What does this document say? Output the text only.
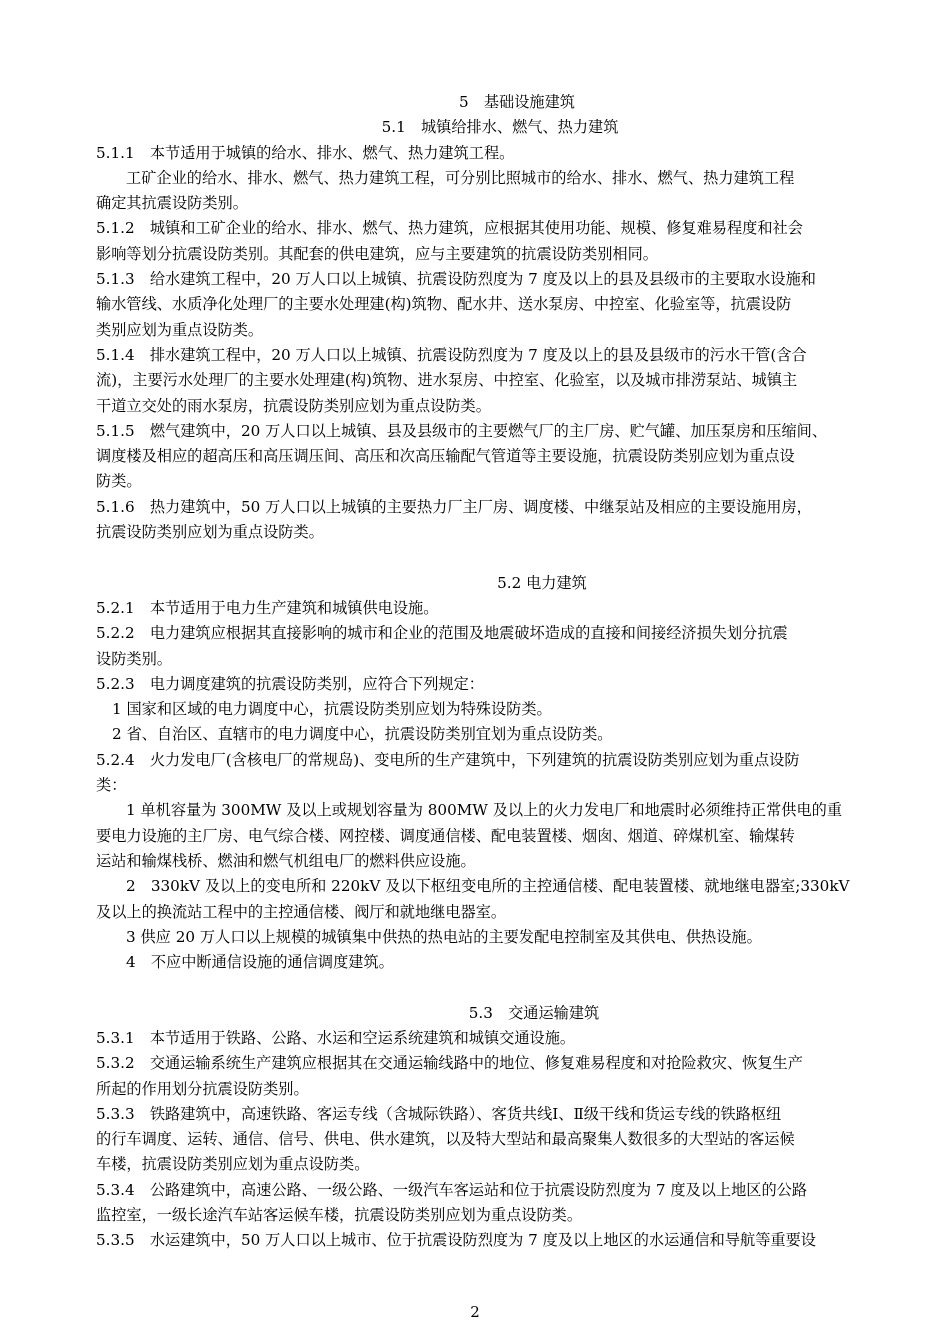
5　基础设施建筑
5.1　城镇给排水、燃气、热力建筑
5.1.1　本节适用于城镇的给水、排水、燃气、热力建筑工程。
工矿企业的给水、排水、燃气、热力建筑工程，可分别比照城市的给水、排水、燃气、热力建筑工程
确定其抗震设防类别。
5.1.2　城镇和工矿企业的给水、排水、燃气、热力建筑，应根据其使用功能、规模、修复难易程度和社会
影响等划分抗震设防类别。其配套的供电建筑，应与主要建筑的抗震设防类别相同。
5.1.3　给水建筑工程中，20 万人口以上城镇、抗震设防烈度为 7 度及以上的县及县级市的主要取水设施和
输水管线、水质净化处理厂的主要水处理建(构)筑物、配水井、送水泵房、中控室、化验室等，抗震设防
类别应划为重点设防类。
5.1.4　排水建筑工程中，20 万人口以上城镇、抗震设防烈度为 7 度及以上的县及县级市的污水干管(含合
流)，主要污水处理厂的主要水处理建(构)筑物、进水泵房、中控室、化验室，以及城市排涝泵站、城镇主
干道立交处的雨水泵房，抗震设防类别应划为重点设防类。
5.1.5　燃气建筑中，20 万人口以上城镇、县及县级市的主要燃气厂的主厂房、贮气罐、加压泵房和压缩间、
调度楼及相应的超高压和高压调压间、高压和次高压输配气管道等主要设施，抗震设防类别应划为重点设
防类。
5.1.6　热力建筑中，50 万人口以上城镇的主要热力厂主厂房、调度楼、中继泵站及相应的主要设施用房，
抗震设防类别应划为重点设防类。
5.2 电力建筑
5.2.1　本节适用于电力生产建筑和城镇供电设施。
5.2.2　电力建筑应根据其直接影响的城市和企业的范围及地震破坏造成的直接和间接经济损失划分抗震
设防类别。
5.2.3　电力调度建筑的抗震设防类别，应符合下列规定：
1 国家和区域的电力调度中心，抗震设防类别应划为特殊设防类。
2 省、自治区、直辖市的电力调度中心，抗震设防类别宜划为重点设防类。
5.2.4　火力发电厂(含核电厂的常规岛)、变电所的生产建筑中，下列建筑的抗震设防类别应划为重点设防
类：
1 单机容量为 300MW 及以上或规划容量为 800MW 及以上的火力发电厂和地震时必须维持正常供电的重
要电力设施的主厂房、电气综合楼、网控楼、调度通信楼、配电装置楼、烟囱、烟道、碎煤机室、输煤转
运站和输煤栈桥、燃油和燃气机组电厂的燃料供应设施。
2　330kV 及以上的变电所和 220kV 及以下枢纽变电所的主控通信楼、配电装置楼、就地继电器室;330kV
及以上的换流站工程中的主控通信楼、阀厅和就地继电器室。
3 供应 20 万人口以上规模的城镇集中供热的热电站的主要发配电控制室及其供电、供热设施。
4　不应中断通信设施的通信调度建筑。
5.3　交通运输建筑
5.3.1　本节适用于铁路、公路、水运和空运系统建筑和城镇交通设施。
5.3.2　交通运输系统生产建筑应根据其在交通运输线路中的地位、修复难易程度和对抢险救灾、恢复生产
所起的作用划分抗震设防类别。
5.3.3　铁路建筑中，高速铁路、客运专线（含城际铁路）、客货共线Ⅰ、Ⅱ级干线和货运专线的铁路枢纽
的行车调度、运转、通信、信号、供电、供水建筑，以及特大型站和最高聚集人数很多的大型站的客运候
车楼，抗震设防类别应划为重点设防类。
5.3.4　公路建筑中，高速公路、一级公路、一级汽车客运站和位于抗震设防烈度为 7 度及以上地区的公路
监控室，一级长途汽车站客运候车楼，抗震设防类别应划为重点设防类。
5.3.5　水运建筑中，50 万人口以上城市、位于抗震设防烈度为 7 度及以上地区的水运通信和导航等重要设
2
